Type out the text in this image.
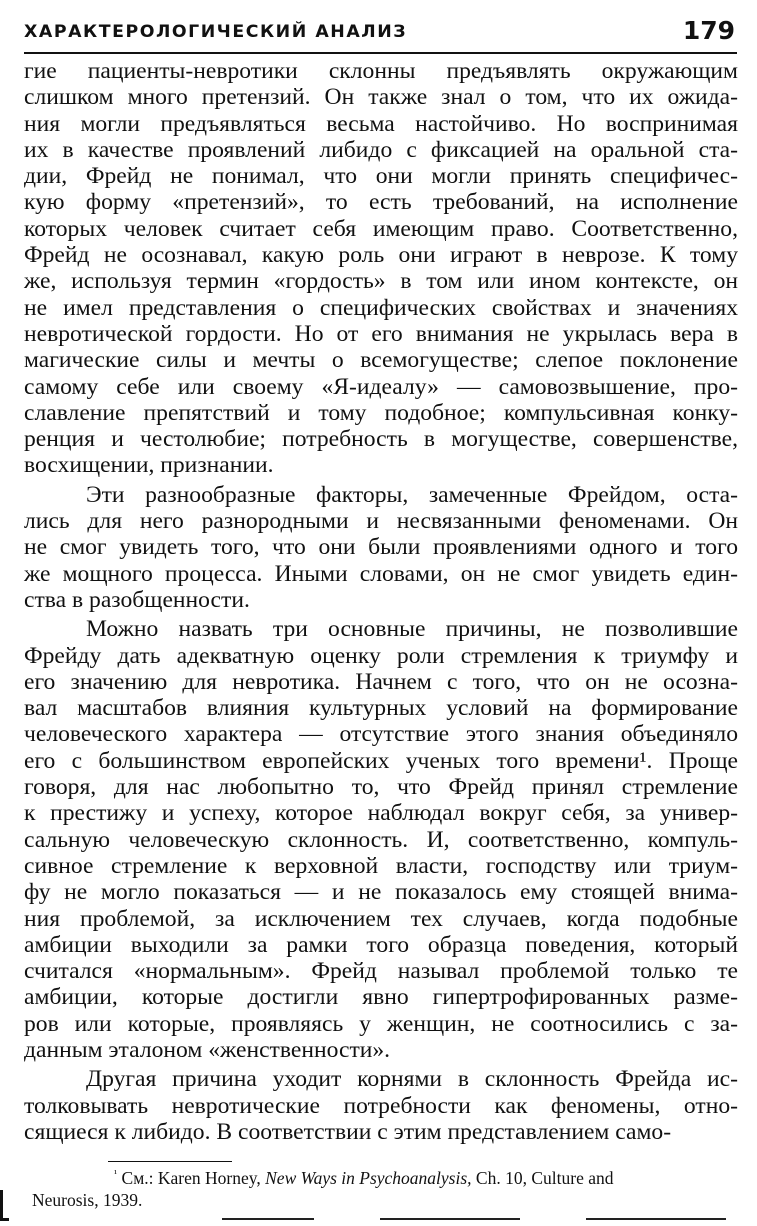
ХАРАКТЕРОЛОГИЧЕСКИЙ АНАЛИЗ	179
гие пациенты-невротики склонны предъявлять окружающим
слишком много претензий. Он также знал о том, что их ожида-
ния могли предъявляться весьма настойчиво. Но воспринимая
их в качестве проявлений либидо с фиксацией на оральной ста-
дии, Фрейд не понимал, что они могли принять специфичес-
кую форму «претензий», то есть требований, на исполнение
которых человек считает себя имеющим право. Соответственно,
Фрейд не осознавал, какую роль они играют в неврозе. К тому
же, используя термин «гордость» в том или ином контексте, он
не имел представления о специфических свойствах и значениях
невротической гордости. Но от его внимания не укрылась вера в
магические силы и мечты о всемогуществе; слепое поклонение
самому себе или своему «Я-идеалу» — самовозвышение, про-
славление препятствий и тому подобное; компульсивная конку-
ренция и честолюбие; потребность в могуществе, совершенстве,
восхищении, признании.
Эти разнообразные факторы, замеченные Фрейдом, оста-
лись для него разнородными и несвязанными феноменами. Он
не смог увидеть того, что они были проявлениями одного и того
же мощного процесса. Иными словами, он не смог увидеть един-
ства в разобщенности.
Можно назвать три основные причины, не позволившие
Фрейду дать адекватную оценку роли стремления к триумфу и
его значению для невротика. Начнем с того, что он не осозна-
вал масштабов влияния культурных условий на формирование
человеческого характера — отсутствие этого знания объединяло
его с большинством европейских ученых того времени¹. Проще
говоря, для нас любопытно то, что Фрейд принял стремление
к престижу и успеху, которое наблюдал вокруг себя, за универ-
сальную человеческую склонность. И, соответственно, компуль-
сивное стремление к верховной власти, господству или триум-
фу не могло показаться — и не показалось ему стоящей внима-
ния проблемой, за исключением тех случаев, когда подобные
амбиции выходили за рамки того образца поведения, который
считался «нормальным». Фрейд называл проблемой только те
амбиции, которые достигли явно гипертрофированных разме-
ров или которые, проявляясь у женщин, не соотносились с за-
данным эталоном «женственности».
Другая причина уходит корнями в склонность Фрейда ис-
толковывать невротические потребности как феномены, отно-
сящиеся к либидо. В соответствии с этим представлением само-
$^{^1}$ См.: Karen Horney, New Ways in Psychoanalysis, Ch. 10, Culture and
Neurosis, 1939.
